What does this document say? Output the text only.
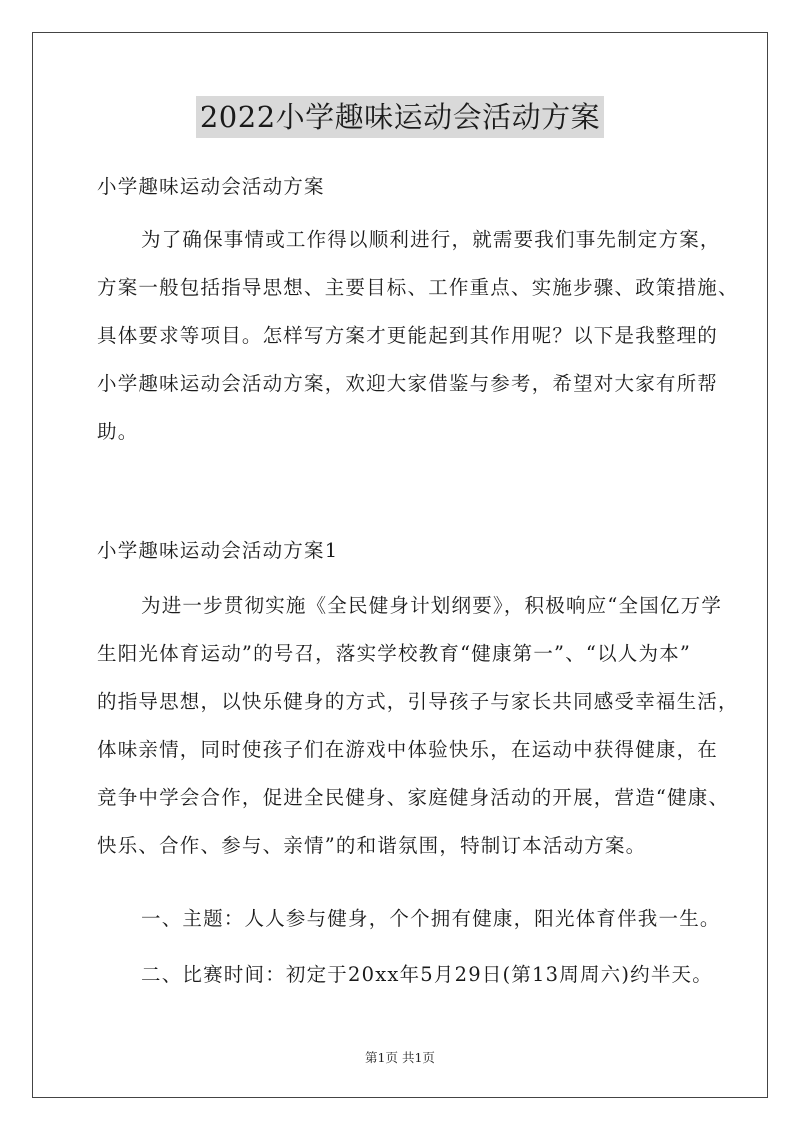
2022小学趣味运动会活动方案
小学趣味运动会活动方案
为了确保事情或工作得以顺利进行，就需要我们事先制定方案，
方案一般包括指导思想、主要目标、工作重点、实施步骤、政策措施、
具体要求等项目。怎样写方案才更能起到其作用呢？以下是我整理的
小学趣味运动会活动方案，欢迎大家借鉴与参考，希望对大家有所帮
助。
小学趣味运动会活动方案1
为进一步贯彻实施《全民健身计划纲要》，积极响应“全国亿万学
生阳光体育运动”的号召，落实学校教育“健康第一”、“以人为本”
的指导思想，以快乐健身的方式，引导孩子与家长共同感受幸福生活，
体味亲情，同时使孩子们在游戏中体验快乐，在运动中获得健康，在
竞争中学会合作，促进全民健身、家庭健身活动的开展，营造“健康、
快乐、合作、参与、亲情”的和谐氛围，特制订本活动方案。
一、主题：人人参与健身，个个拥有健康，阳光体育伴我一生。
二、比赛时间：初定于20xx年5月29日(第13周周六)约半天。
第1页 共1页
